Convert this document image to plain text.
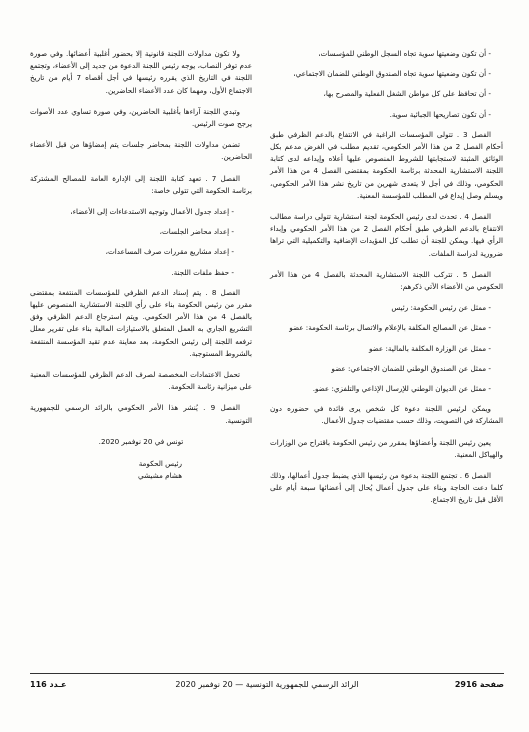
- أن تكون وضعيتها سوية تجاه السجل الوطني للمؤسسات،

- أن تكون وضعيتها سوية تجاه الصندوق الوطني للضمان الاجتماعي،

- أن تحافظ على كل مواطن الشغل الفعلية والمصرح بها،

- أن تكون تصاريحها الجبائية سوية.

الفصل 3 . تتولى المؤسسات الراغبة في الانتفاع بالدعم الظرفي طبق أحكام الفصل 2 من هذا الأمر الحكومي، تقديم مطلب في الغرض مدعم بكل الوثائق المثبتة لاستجابتها للشروط المنصوص عليها أعلاه وإيداعه لدى كتابة اللجنة الاستشارية المحدثة برئاسة الحكومة بمقتضى الفصل 4 من هذا الأمر الحكومي، وذلك في أجل لا يتعدى شهرين من تاريخ نشر هذا الأمر الحكومي، ويسلم وصل إيداع في المطلب للمؤسسة المعنية.

الفصل 4 . تحدث لدى رئيس الحكومة لجنة استشارية تتولى دراسة مطالب الانتفاع بالدعم الظرفي طبق أحكام الفصل 2 من هذا الأمر الحكومي وإبداء الرأي فيها. ويمكن للجنة أن تطلب كل المؤيدات الإضافية والتكميلية التي تراها ضرورية لدراسة الملفات.

الفصل 5 . تتركب اللجنة الاستشارية المحدثة بالفصل 4 من هذا الأمر الحكومي من الأعضاء الآتي ذكرهم:

- ممثل عن رئيس الحكومة: رئيس

- ممثل عن المصالح المكلفة بالإعلام والاتصال برئاسة الحكومة: عضو

- ممثل عن الوزارة المكلفة بالمالية: عضو

- ممثل عن الصندوق الوطني للضمان الاجتماعي: عضو

- ممثل عن الديوان الوطني للإرسال الإذاعي والتلفزي: عضو.

ويمكن لرئيس اللجنة دعوة كل شخص يرى فائدة في حضوره دون المشاركة في التصويت، وذلك حسب مقتضيات جدول الأعمال.

يعين رئيس اللجنة وأعضاؤها بمقرر من رئيس الحكومة باقتراح من الوزارات والهياكل المعنية.

الفصل 6 . تجتمع اللجنة بدعوة من رئيسها الذي يضبط جدول أعمالها، وذلك كلما دعت الحاجة وبناء على جدول أعمال يُحال إلى أعضائها سبعة أيام على الأقل قبل تاريخ الاجتماع.

ولا تكون مداولات اللجنة قانونية إلا بحضور أغلبية أعضائها. وفي صورة عدم توفر النصاب، يوجه رئيس اللجنة الدعوة من جديد إلى الأعضاء، وتجتمع اللجنة في التاريخ الذي يقرره رئيسها في أجل أقصاه 7 أيام من تاريخ الاجتماع الأول، ومهما كان عدد الأعضاء الحاضرين.

وتبدي اللجنة آراءها بأغلبية الحاضرين، وفي صورة تساوي عدد الأصوات يرجح صوت الرئيس.

تضمن مداولات اللجنة بمحاضر جلسات يتم إمضاؤها من قبل الأعضاء الحاضرين.

الفصل 7 . تعهد كتابة اللجنة إلى الإدارة العامة للمصالح المشتركة برئاسة الحكومة التي تتولى خاصة:

- إعداد جدول الأعمال وتوجيه الاستدعاءات إلى الأعضاء،

- إعداد محاضر الجلسات،

- إعداد مشاريع مقررات صرف المساعدات،

- حفظ ملفات اللجنة.

الفصل 8 . يتم إسناد الدعم الظرفي للمؤسسات المنتفعة بمقتضى مقرر من رئيس الحكومة بناء على رأي اللجنة الاستشارية المنصوص عليها بالفصل 4 من هذا الأمر الحكومي. ويتم استرجاع الدعم الظرفي وفق التشريع الجاري به العمل المتعلق بالاستيازات المالية بناء على تقرير معلل ترفعه اللجنة إلى رئيس الحكومة، بعد معاينة عدم تقيد المؤسسة المنتفعة بالشروط المستوجبة.

تحمل الاعتمادات المخصصة لصرف الدعم الظرفي للمؤسسات المعنية على ميزانية رئاسة الحكومة.

الفصل 9 . يُنشر هذا الأمر الحكومي بالرائد الرسمي للجمهورية التونسية.

تونس في 20 نوفمبر 2020.

رئيس الحكومة

هشام مشيشي

صفحة 2916
الرائد الرسمي للجمهورية التونسية — 20 نوفمبر 2020
عـدد 116
